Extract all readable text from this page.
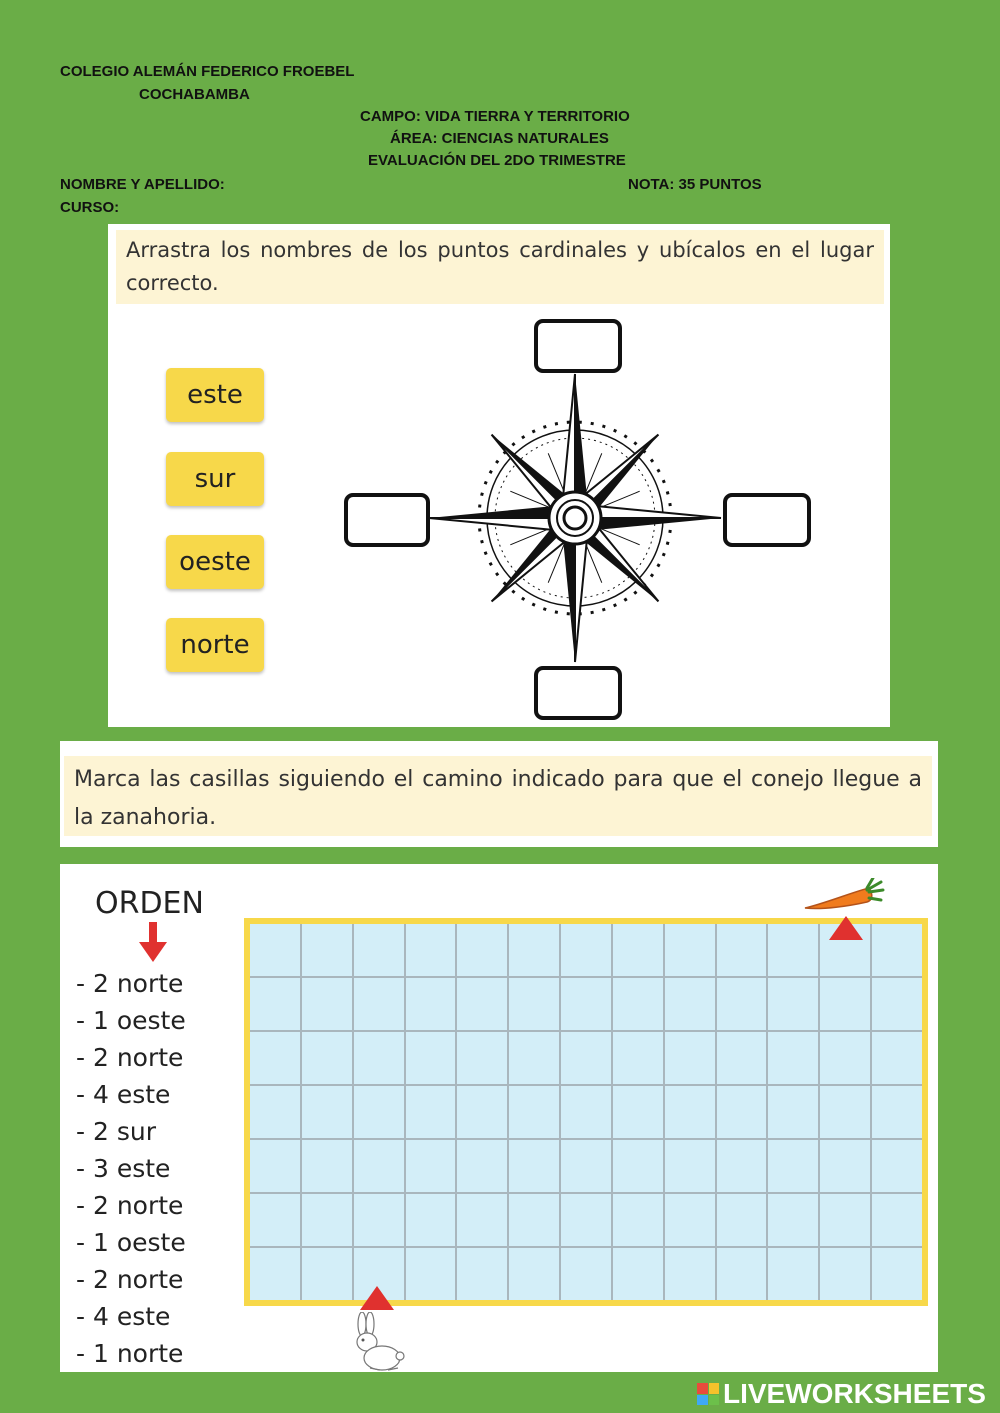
COLEGIO ALEMÁN FEDERICO FROEBEL
COCHABAMBA
CAMPO: VIDA TIERRA Y TERRITORIO
ÁREA: CIENCIAS NATURALES
EVALUACIÓN DEL 2DO TRIMESTRE
NOMBRE Y APELLIDO:	NOTA: 35 PUNTOS
CURSO:
Arrastra los nombres de los puntos cardinales y ubícalos en el lugar correcto.
este
sur
oeste
norte
Marca las casillas siguiendo el camino indicado para que el conejo llegue a la zanahoria.
ORDEN
- 2 norte
- 1 oeste
- 2 norte
- 4 este
- 2 sur
- 3 este
- 2 norte
- 1 oeste
- 2 norte
- 4 este
- 1 norte
LIVEWORKSHEETS
